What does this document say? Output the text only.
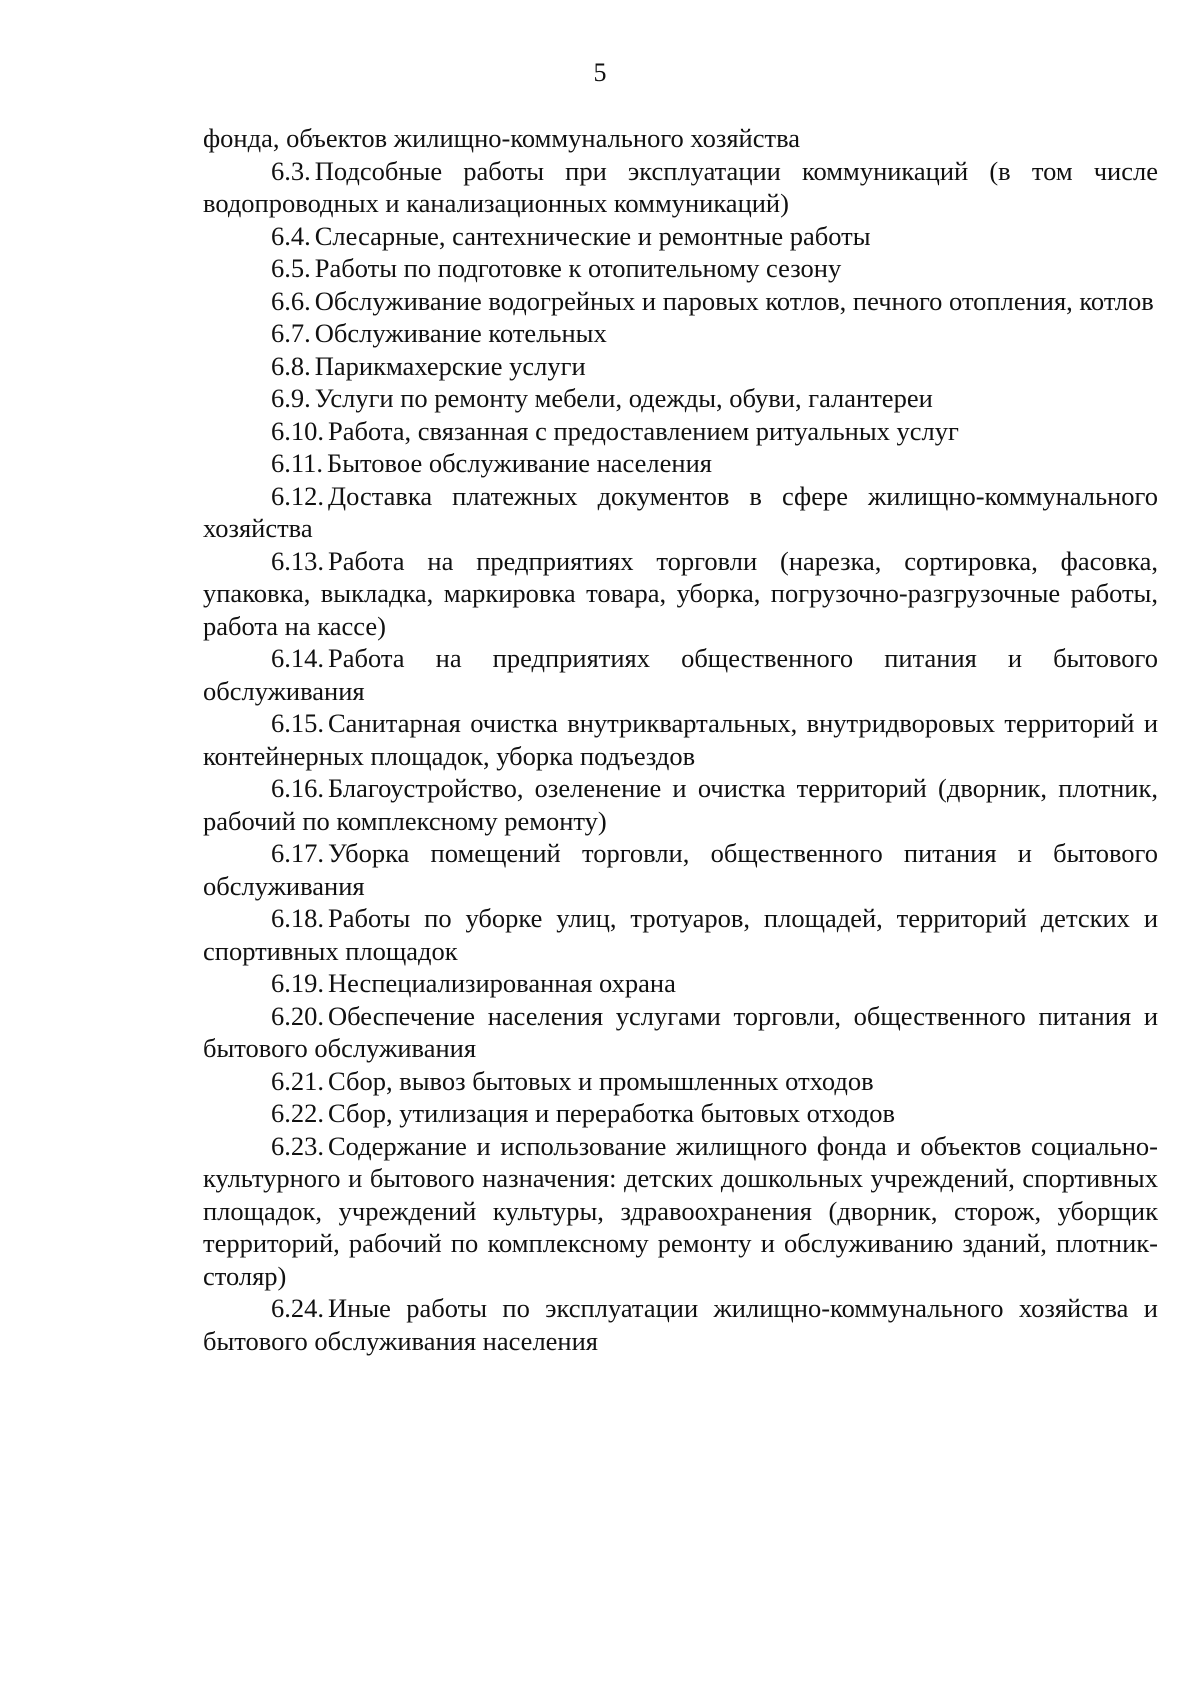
5

фонда, объектов жилищно-коммунального хозяйства

6.3. Подсобные работы при эксплуатации коммуникаций (в том числе водопроводных и канализационных коммуникаций)

6.4. Слесарные, сантехнические и ремонтные работы

6.5. Работы по подготовке к отопительному сезону

6.6. Обслуживание водогрейных и паровых котлов, печного отопления, котлов

6.7. Обслуживание котельных

6.8. Парикмахерские услуги

6.9. Услуги по ремонту мебели, одежды, обуви, галантереи

6.10. Работа, связанная с предоставлением ритуальных услуг

6.11. Бытовое обслуживание населения

6.12. Доставка платежных документов в сфере жилищно-коммунального хозяйства

6.13. Работа на предприятиях торговли (нарезка, сортировка, фасовка, упаковка, выкладка, маркировка товара, уборка, погрузочно-разгрузочные работы, работа на кассе)

6.14. Работа на предприятиях общественного питания и бытового обслуживания

6.15. Санитарная очистка внутриквартальных, внутридворовых территорий и контейнерных площадок, уборка подъездов

6.16. Благоустройство, озеленение и очистка территорий (дворник, плотник, рабочий по комплексному ремонту)

6.17. Уборка помещений торговли, общественного питания и бытового обслуживания

6.18. Работы по уборке улиц, тротуаров, площадей, территорий детских и спортивных площадок

6.19. Неспециализированная охрана

6.20. Обеспечение населения услугами торговли, общественного питания и бытового обслуживания

6.21. Сбор, вывоз бытовых и промышленных отходов

6.22. Сбор, утилизация и переработка бытовых отходов

6.23. Содержание и использование жилищного фонда и объектов социально-культурного и бытового назначения: детских дошкольных учреждений, спортивных площадок, учреждений культуры, здравоохранения (дворник, сторож, уборщик территорий, рабочий по комплексному ремонту и обслуживанию зданий, плотник-столяр)

6.24. Иные работы по эксплуатации жилищно-коммунального хозяйства и бытового обслуживания населения
